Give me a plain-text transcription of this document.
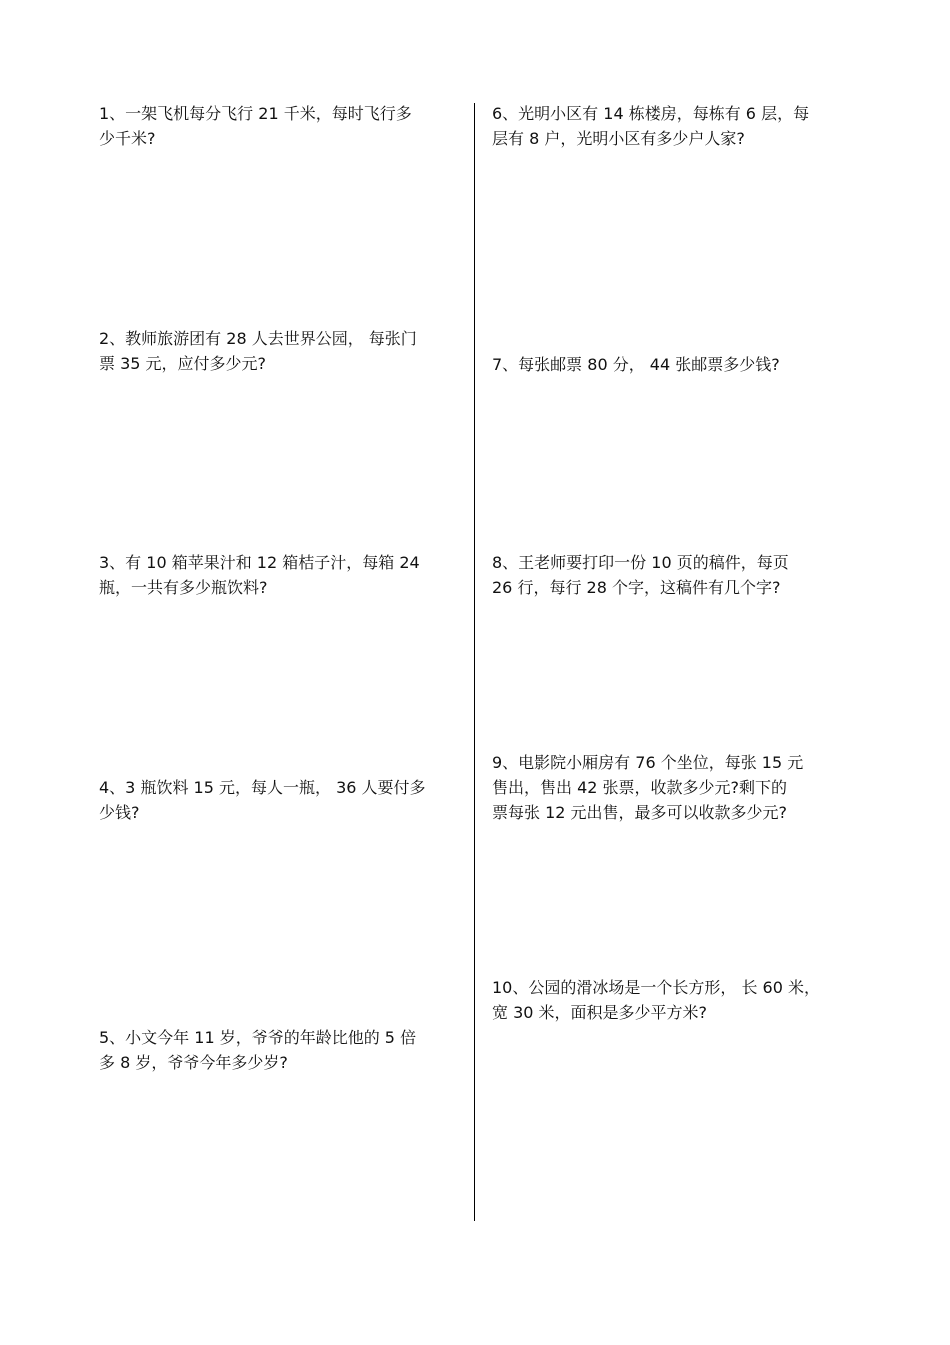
1、一架飞机每分飞行 21 千米，每时飞行多
少千米?
2、教师旅游团有 28 人去世界公园， 每张门
票 35 元，应付多少元?
3、有 10 箱苹果汁和 12 箱桔子汁，每箱 24
瓶，一共有多少瓶饮料?
4、3 瓶饮料 15 元，每人一瓶， 36 人要付多
少钱?
5、小文今年 11 岁，爷爷的年龄比他的 5 倍
多 8 岁，爷爷今年多少岁?
6、光明小区有 14 栋楼房，每栋有 6 层，每
层有 8 户，光明小区有多少户人家?
7、每张邮票 80 分， 44 张邮票多少钱?
8、王老师要打印一份 10 页的稿件，每页
26 行，每行 28 个字，这稿件有几个字?
9、电影院小厢房有 76 个坐位，每张 15 元
售出，售出 42 张票，收款多少元?剩下的
票每张 12 元出售，最多可以收款多少元?
10、公园的滑冰场是一个长方形， 长 60 米，
宽 30 米，面积是多少平方米?
